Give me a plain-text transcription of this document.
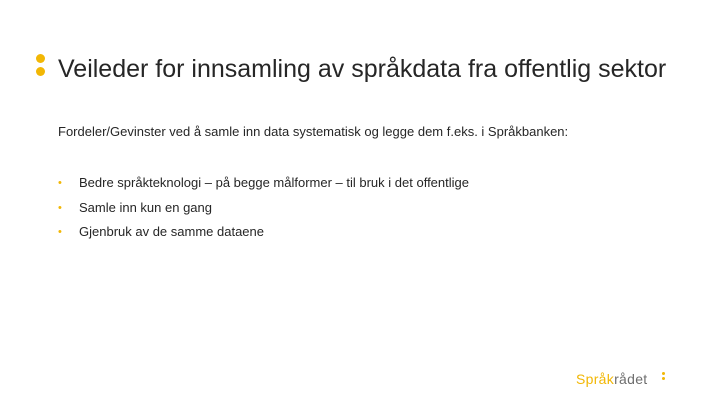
Veileder for innsamling av språkdata fra offentlig sektor

Fordeler/Gevinster ved å samle inn data systematisk og legge dem f.eks. i Språkbanken:

• Bedre språkteknologi – på begge målformer – til bruk i det offentlige
• Samle inn kun en gang
• Gjenbruk av de samme dataene
Språkrådet
